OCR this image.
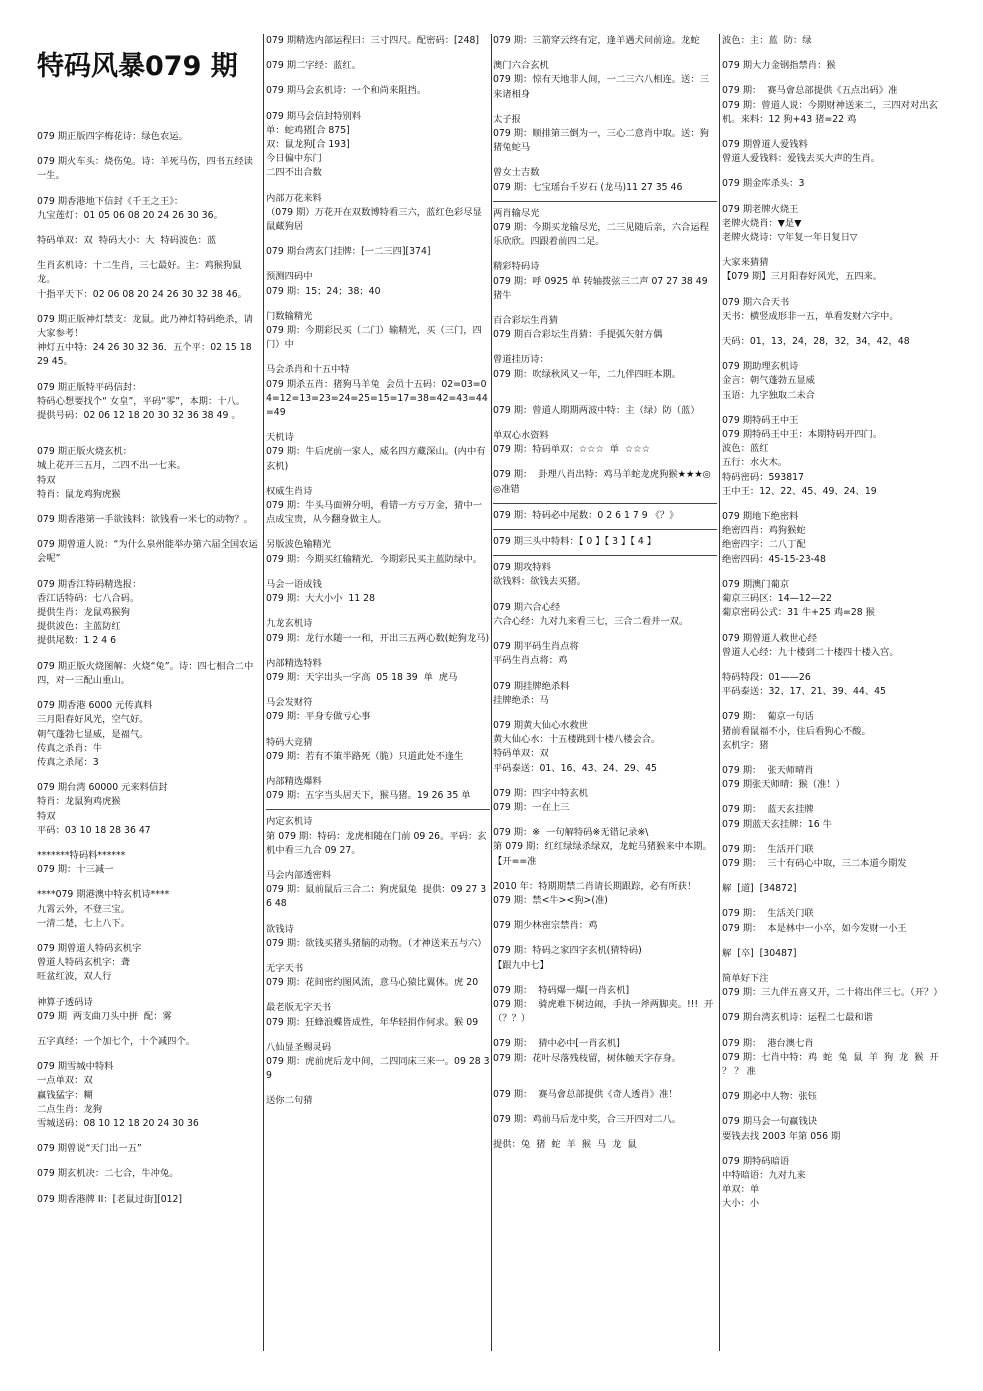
特码风暴079 期
079 期正版四字梅花诗：绿色农运。
079 期火车头：烧伤兔。诗：羊死马伤，四书五经读一生。
079 期香港地下信封《千王之王》：
九宝莲灯：01 05 06 08 20 24 26 30 36。
特码单双：双  特码大小：大  特码波色：蓝
生肖玄机诗：十二生肖，三七最好。主：鸡猴狗鼠龙。
十指平天下：02 06 08 20 24 26 30 32 38 46。
079 期正版神灯禁支：龙鼠。此乃神灯特码绝杀，请大家参考！
神灯五中特：24 26 30 32 36．五个平：02 15 18 29 45。
079 期正版特平码信封：
特码心想要找个“ 女皇”，平码“零”，本期：十八。
提供号码：02 06 12 18 20 30 32 36 38 49 。
079 期正版火烧玄机：
城上花开三五月，二四不出一七来。
特双
特肖：鼠龙鸡狗虎猴
079 期香港第一手欲钱料：欲钱看一米七的动物？。
079 期曾道人说：“为什么泉州能举办第六届全国农运会呢”
079 期香江特码精选报：
香江话特码：七八合码。
提供生肖：龙鼠鸡猴狗
提供波色：主蓝防红
提供尾数：1 2 4 6
079 期正版火烧图解：火烧“兔”。诗：四七相合二中四，对一三配山重山。
079 期香港 6000 元传真料
三月阳春好风光，空气好。
朝气蓬勃七显威，是福气。
传真之杀肖：牛
传真之杀尾：3
079 期台湾 60000 元来料信封
特肖：龙鼠狗鸡虎猴
特双
平码：03 10 18 28 36 47
*******特码料******
079 期：十三减一
****079 期港澳中特玄机诗****
九霄云外，不登三宝。
一清二楚，七上八下。
079 期曾道人特码玄机字
曾道人特码玄机字：聋
旺盆红波，双人行
神算子透码诗
079 期  两支曲刀头中拼  配：雾
五字真经：一个加七个，十个减四个。
079 期雪城中特料
一点单双：双
赢钱猛字：糊
二点生肖：龙狗
雪城送码：08 10 12 18 20 24 30 36
079 期曾说“天门出一五”
079 期玄机决：二七合，牛冲兔。
079 期香港牌 II：[老鼠过街][012]
079 期精选内部运程曰：三寸四尺。配密码：[248]
079 期二字经：蓝红。
079 期马会玄机诗：一个和尚来阻挡。
079 期马会信封特别料
单：蛇鸡猪[合 875]
双：鼠龙狗[合 193]
今日偏中东门
二四不出合数
内部万花来料
（079 期）万花开在双数博特看三六，蓝红色彩尽显鼠藏狗居
079 期台湾玄门挂牌：[一二三四][374]
预测四码中
079 期：15；24；38；40
门数输精光
079 期：今期彩民买（二门）输精光，买（三门，四门）中
马会杀肖和十五中特
079 期杀五肖：猪狗马羊兔  会员十五码：02=03=04=12=13=23=24=25=15=17=38=42=43=44=49
天机诗
079 期：牛后虎前一家人，威名四方藏深山。(内中有玄机)
权威生肖诗
079 期：牛头马面辨分明，看错一方亏万金，猜中一点成宝贵，从今翻身做主人。
另版波色输精光
079 期：今期买红输精光．今期彩民买主蓝防绿中。
马会一语成钱
079 期：大大小小  11 28
九龙玄机诗
079 期：龙行水随一一和，开出三五两心数(蛇狗龙马)
内部精选特料
079 期：天字出头一字高  05 18 39  单  虎马
马会发财符
079 期：平身专做亏心事
特码大竞猜
079 期：若有不策半路死（脆）只道此处不逢生
内部精选爆料
079 期：五字当头居天下，猴马猪。19 26 35 单
内定玄机诗
第 079 期：特码：龙虎相随在门前 09 26。平码：玄机中看三九合 09 27。
马会内部透密料
079 期：鼠前鼠后三合二：狗虎鼠兔  提供：09 27 36 48
欲钱诗
079 期：欲钱买猪头猪脑的动物。（才神送来五与六）
无字天书
079 期：花间密约图风流，意马心猿比翼休。虎 20
最老版无字天书
079 期：狂蜂浪蝶皆成性，年华轻捐作何求。猴 09
八仙显圣赐灵码
079 期：虎前虎后龙中间，二四同床三来一。09 28 39
送你二句猜
079 期：三箭穿云终有定，逢羊遇犬问前途。龙蛇
澳门六合玄机
079 期：惊有天地非人间，一二三六八相连。送：三来诸相身
太子报
079 期：顺排第三倒为一，三心二意肖中取。送：狗猪兔蛇马
曾女士吉数
079 期：七宝瑶台千岁石 (龙马)11 27 35 46
两肖输尽光
079 期：今期买龙输尽光，二三见随后亲，六合运程乐欣欣。四跟着前四二足。
精彩特码诗
079 期：呼 0925 单 转轴拨弦三二声 07 27 38 49 猪牛
百合彩坛生肖猜
079 期百合彩坛生肖猜：手提弧矢射方偶
曾道挂历诗：
079 期：吹绿秋风又一年，二九伴四旺本期。
079 期：曾道人期期两波中特：主（绿）防（蓝）
单双心水资料
079 期：特码单双：☆☆☆  单  ☆☆☆
079 期：  卦理八肖出特：鸡马羊蛇龙虎狗猴★★★◎◎准错
079 期：特码必中尾数：0 2 6 1 7 9 《？》
079 期三头中特料：【 0 】【 3 】【 4 】
079 期攻特料
欲钱料：欲钱去买猪。
079 期六合心经
六合心经：九对九来看三七，三合二看并一双。
079 期平码生肖点将
平码生肖点将：鸡
079 期挂牌绝杀料
挂牌绝杀：马
079 期黄大仙心水救世
黄大仙心水：十五楼跳到十楼八楼会合。
特码单双：双
平码泰送：01、16、43、24、29、45
079 期：四字中特玄机
079 期：一在上三
079 期：※  一句解特码※无错记录※\
第 079 期：红红绿绿杀绿双，龙蛇马猪猴来中本期。【开==准
2010 年：特期期禁二肖请长期跟踪，必有所获！
079 期：禁<牛><狗>(准)
079 期少林密宗禁肖：鸡
079 期：特码之家四字玄机(猜特码)
【跟九中七】
079 期：  特码爆一爆[一肖玄机]
079 期：  骑虎难下树边闹，手执一斧两脚夹。!!!  开  （？？）
079 期：  猜中必中[一肖玄机]
079 期：花叶尽落残枝留，树体触天字存身。
079 期：  赛马會总部提供《奇人透肖》准！
079 期：鸡前马后龙中奖，合三开四对二八。
提供：兔  猪  蛇  羊  猴  马  龙  鼠
波色：主：蓝  防：绿
079 期大力金钢指禁肖：猴
079 期：  赛马會总部提供《五点出码》准
079 期：曾道人说：今期财神送来二，三四对对出玄机。来料：12 狗+43 猪=22 鸡
079 期曾道人爱钱料
曾道人爱钱料：爱钱去买大声的生肖。
079 期金库杀头：3
079 期老牌火烧王
老牌火烧肖：▼是▼
老牌火烧诗：▽年复一年日复日▽
大家来猜猜
【079 期】三月阳春好风光，五四来。
079 期六合天书
天书：横竖成形非一五，单看发财六字中。
天码：01，13，24，28，32，34，42，48
079 期助理玄机诗
金言：朝气蓬勃五显威
玉语：九字独取二未合
079 期特码王中王
079 期特码王中王：本期特码开四门。
波色：蓝红
五行：水火木。
特码密码：593817
王中王：12、22、45、49、24、19
079 期地下绝密料
绝密四肖：鸡狗猴蛇
绝密四字：二八丁配
绝密四码：45-15-23-48
079 期澳门葡京
葡京三码区：14—12—22
葡京密码公式：31 牛+25 鸡=28 猴
079 期曾道人救世心经
曾道人心经：九十楼到二十楼四十楼入宫。
特码特段：01——26
平码泰送：32、17、21、39、44、45
079 期：  葡京一句话
猪前看鼠福不小，住后看狗心不酸。
玄机字：猪
079 期：  张天师晴肖
079 期张天师晴：猴（准！）
079 期：  蓝天玄挂牌
079 期蓝天玄挂牌：16 牛
079 期：  生活开门联
079 期：  三十有码心中取，三二本道今期发
解  [道]  [34872]
079 期：  生活关门联
079 期：  本是林中一小卒，如今发财一小王
解  [卒]  [30487]
简单好下注
079 期：三九伴五喜又开，二十将出伴三七。（开？）
079 期台湾玄机诗：运程二七最和谐
079 期：  港台澳七肖
079 期：七肖中特：鸡  蛇  兔  鼠  羊  狗  龙  猴  开  ？ ？ 准
079 期必中人物：张钰
079 期马会一句赢钱诀
要钱去找 2003 年第 056 期
079 期特码暗语
中特暗语：九对九来
单双：单
大小：小
